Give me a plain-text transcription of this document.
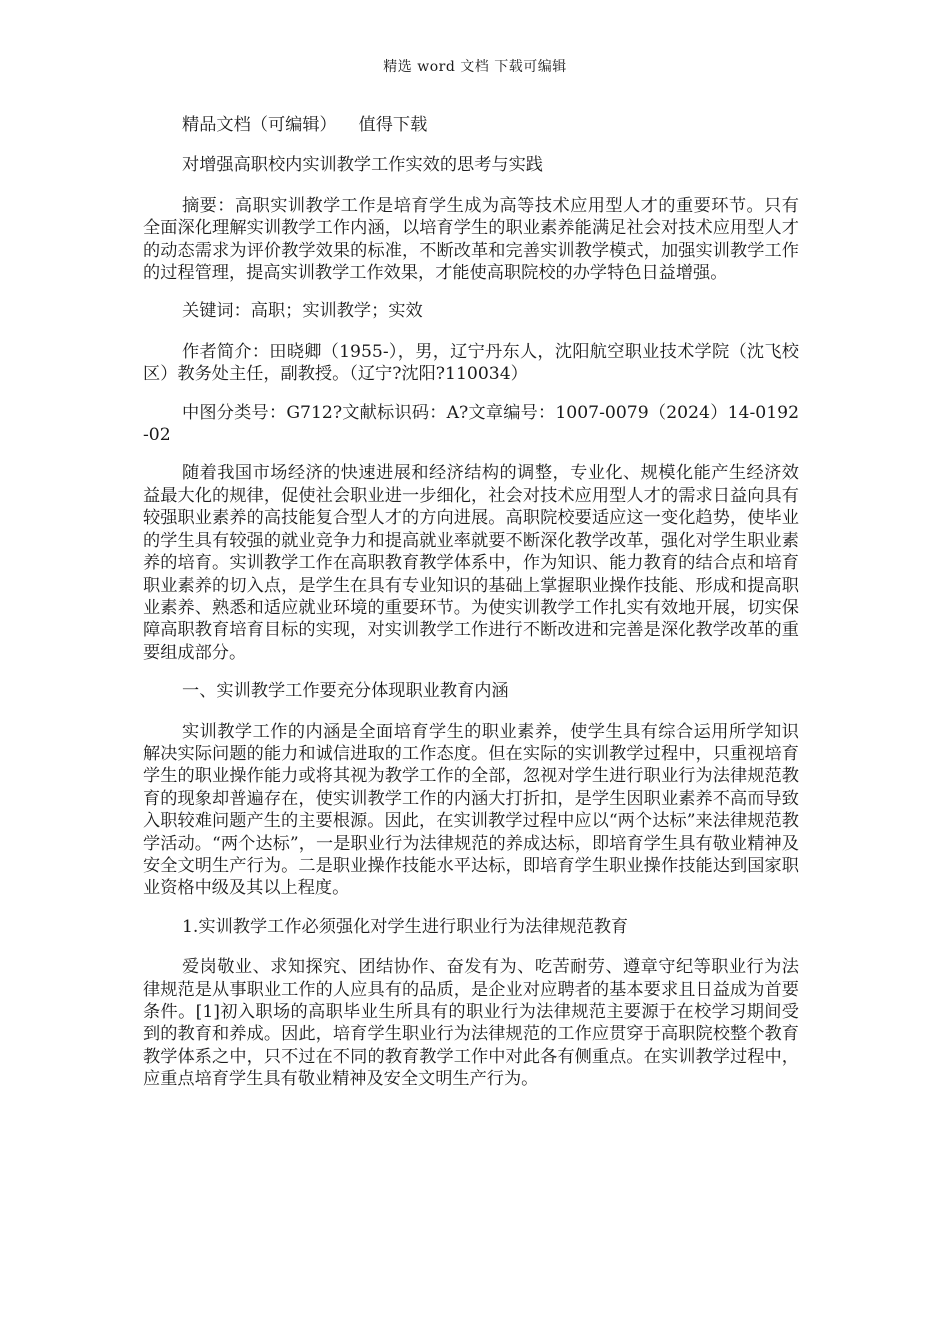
精选 word 文档 下载可编辑

精品文档（可编辑）    值得下载

对增强高职校内实训教学工作实效的思考与实践

摘要：高职实训教学工作是培育学生成为高等技术应用型人才的重要环节。只有全面深化理解实训教学工作内涵，以培育学生的职业素养能满足社会对技术应用型人才的动态需求为评价教学效果的标准，不断改革和完善实训教学模式，加强实训教学工作的过程管理，提高实训教学工作效果，才能使高职院校的办学特色日益增强。

关键词：高职；实训教学；实效

作者简介：田晓卿（1955-），男，辽宁丹东人，沈阳航空职业技术学院（沈飞校区）教务处主任，副教授。（辽宁?沈阳?110034）

中图分类号：G712?文献标识码：A?文章编号：1007-0079（2024）14-0192-02

随着我国市场经济的快速进展和经济结构的调整，专业化、规模化能产生经济效益最大化的规律，促使社会职业进一步细化，社会对技术应用型人才的需求日益向具有较强职业素养的高技能复合型人才的方向进展。高职院校要适应这一变化趋势，使毕业的学生具有较强的就业竞争力和提高就业率就要不断深化教学改革，强化对学生职业素养的培育。实训教学工作在高职教育教学体系中，作为知识、能力教育的结合点和培育职业素养的切入点，是学生在具有专业知识的基础上掌握职业操作技能、形成和提高职业素养、熟悉和适应就业环境的重要环节。为使实训教学工作扎实有效地开展，切实保障高职教育培育目标的实现，对实训教学工作进行不断改进和完善是深化教学改革的重要组成部分。

一、实训教学工作要充分体现职业教育内涵

实训教学工作的内涵是全面培育学生的职业素养，使学生具有综合运用所学知识解决实际问题的能力和诚信进取的工作态度。但在实际的实训教学过程中，只重视培育学生的职业操作能力或将其视为教学工作的全部，忽视对学生进行职业行为法律规范教育的现象却普遍存在，使实训教学工作的内涵大打折扣，是学生因职业素养不高而导致入职较难问题产生的主要根源。因此，在实训教学过程中应以“两个达标”来法律规范教学活动。“两个达标”，一是职业行为法律规范的养成达标，即培育学生具有敬业精神及安全文明生产行为。二是职业操作技能水平达标，即培育学生职业操作技能达到国家职业资格中级及其以上程度。

1.实训教学工作必须强化对学生进行职业行为法律规范教育

爱岗敬业、求知探究、团结协作、奋发有为、吃苦耐劳、遵章守纪等职业行为法律规范是从事职业工作的人应具有的品质，是企业对应聘者的基本要求且日益成为首要条件。[1]初入职场的高职毕业生所具有的职业行为法律规范主要源于在校学习期间受到的教育和养成。因此，培育学生职业行为法律规范的工作应贯穿于高职院校整个教育教学体系之中，只不过在不同的教育教学工作中对此各有侧重点。在实训教学过程中，应重点培育学生具有敬业精神及安全文明生产行为。
